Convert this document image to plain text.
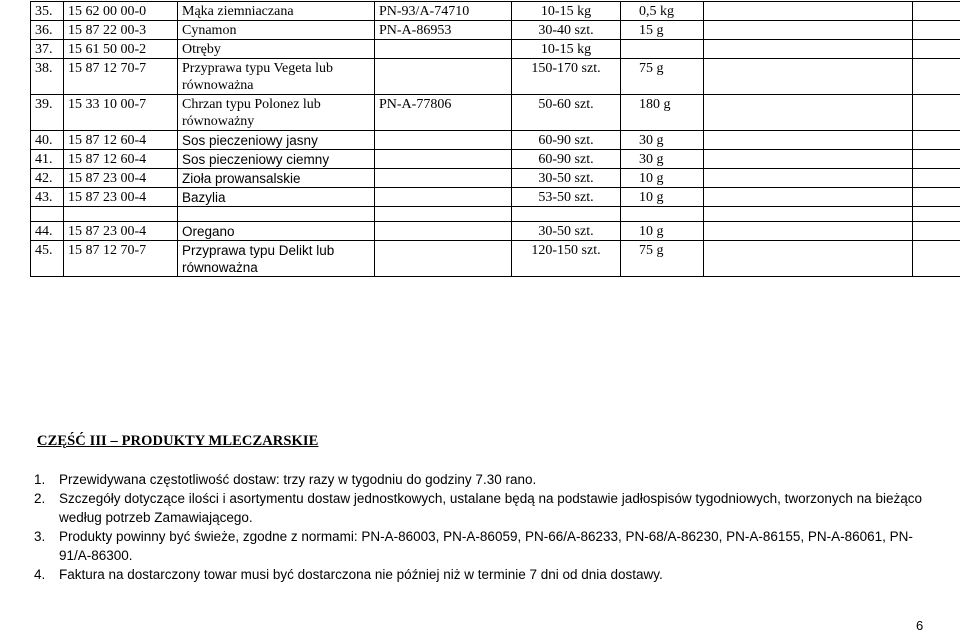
35.	15 62 00 00-0	Mąka ziemniaczana	PN-93/A-74710	10-15 kg	0,5 kg		
36.	15 87 22 00-3	Cynamon	PN-A-86953	30-40 szt.	15 g		
37.	15 61 50 00-2	Otręby		10-15 kg			
38.	15 87 12 70-7	Przyprawa typu Vegeta lub równoważna		150-170 szt.	75 g		
39.	15 33 10 00-7	Chrzan typu Polonez lub równoważny	PN-A-77806	50-60 szt.	180 g		
40.	15 87 12 60-4	Sos pieczeniowy jasny		60-90 szt.	30 g		
41.	15 87 12 60-4	Sos pieczeniowy ciemny		60-90 szt.	30 g		
42.	15 87 23 00-4	Zioła prowansalskie		30-50 szt.	10 g		
43.	15 87 23 00-4	Bazylia		53-50 szt.	10 g		

44.	15 87 23 00-4	Oregano		30-50 szt.	10 g		
45.	15 87 12 70-7	Przyprawa typu Delikt lub równoważna		120-150 szt.	75 g		
CZĘŚĆ III – PRODUKTY MLECZARSKIE
1. Przewidywana częstotliwość dostaw: trzy razy w tygodniu do godziny 7.30 rano.
2. Szczegóły dotyczące ilości i asortymentu dostaw jednostkowych, ustalane będą na podstawie jadłospisów tygodniowych, tworzonych na bieżąco według potrzeb Zamawiającego.
3. Produkty powinny być świeże, zgodne z normami: PN-A-86003, PN-A-86059, PN-66/A-86233, PN-68/A-86230, PN-A-86155, PN-A-86061, PN-91/A-86300.
4. Faktura na dostarczony towar musi być dostarczona nie później niż w terminie 7 dni od dnia dostawy.
6
